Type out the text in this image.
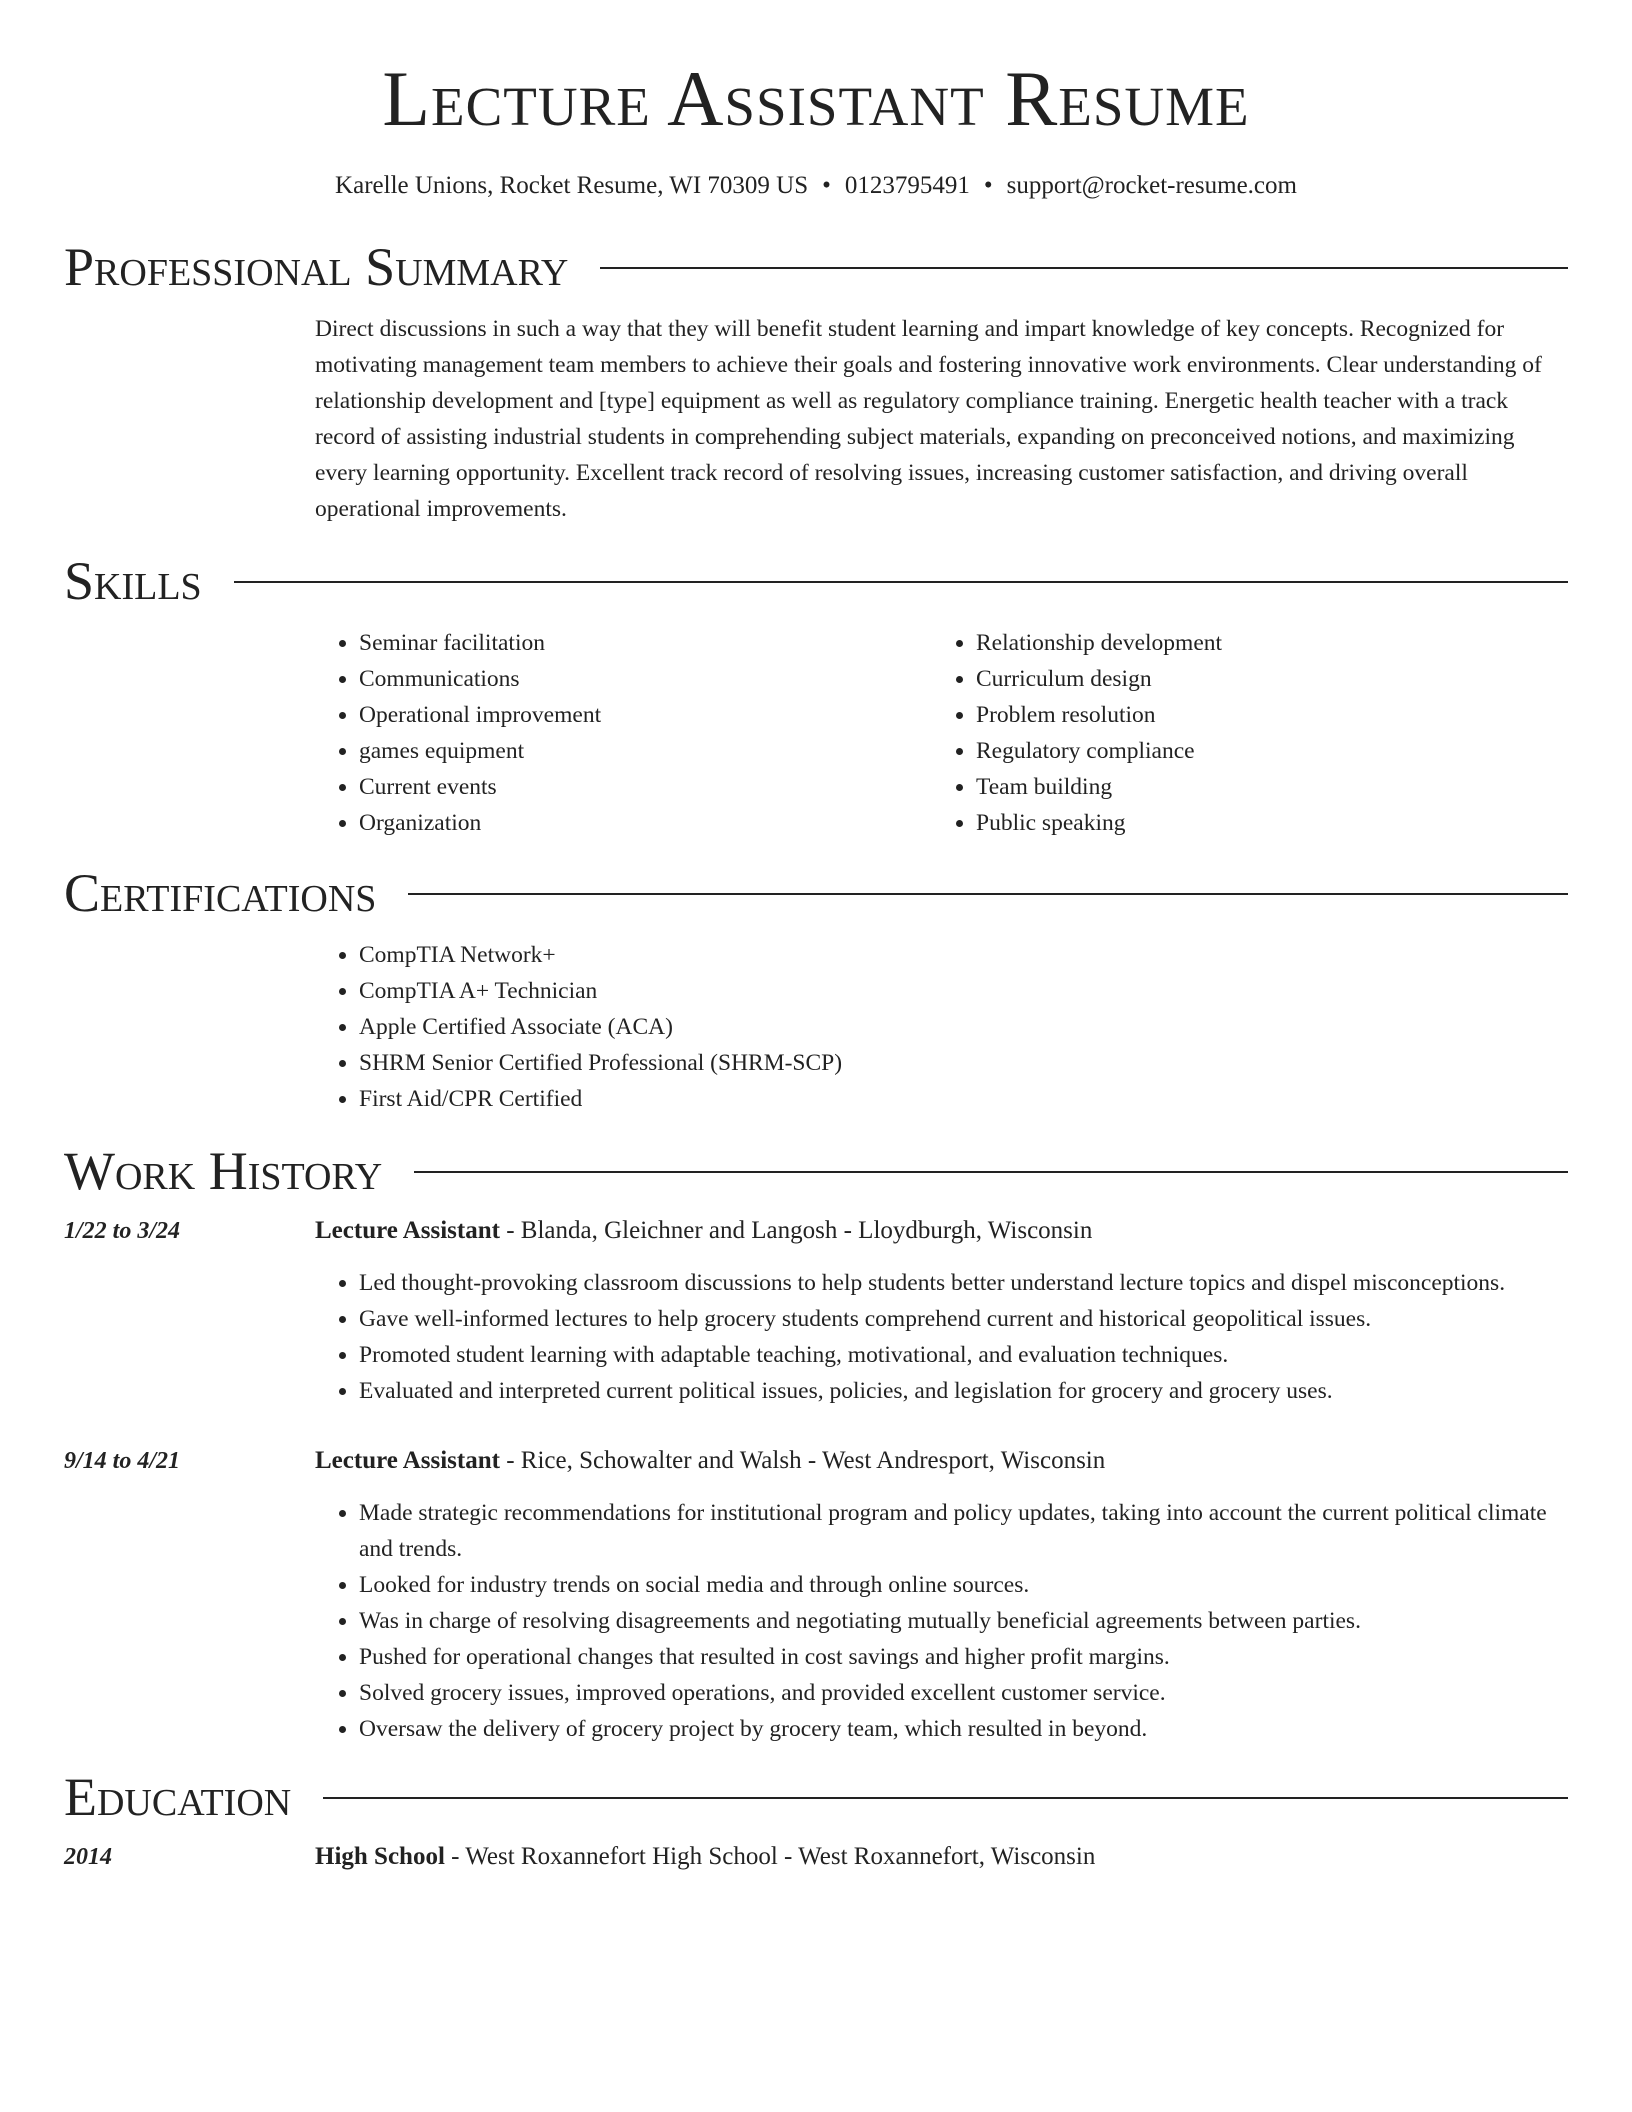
Lecture Assistant Resume
Karelle Unions, Rocket Resume, WI 70309 US • 0123795491 • support@rocket-resume.com
Professional Summary
Direct discussions in such a way that they will benefit student learning and impart knowledge of key concepts. Recognized for motivating management team members to achieve their goals and fostering innovative work environments. Clear understanding of relationship development and [type] equipment as well as regulatory compliance training. Energetic health teacher with a track record of assisting industrial students in comprehending subject materials, expanding on preconceived notions, and maximizing every learning opportunity. Excellent track record of resolving issues, increasing customer satisfaction, and driving overall operational improvements.
Skills
• Seminar facilitation
• Communications
• Operational improvement
• games equipment
• Current events
• Organization
• Relationship development
• Curriculum design
• Problem resolution
• Regulatory compliance
• Team building
• Public speaking
Certifications
• CompTIA Network+
• CompTIA A+ Technician
• Apple Certified Associate (ACA)
• SHRM Senior Certified Professional (SHRM-SCP)
• First Aid/CPR Certified
Work History
1/22 to 3/24	Lecture Assistant - Blanda, Gleichner and Langosh - Lloydburgh, Wisconsin
• Led thought-provoking classroom discussions to help students better understand lecture topics and dispel misconceptions.
• Gave well-informed lectures to help grocery students comprehend current and historical geopolitical issues.
• Promoted student learning with adaptable teaching, motivational, and evaluation techniques.
• Evaluated and interpreted current political issues, policies, and legislation for grocery and grocery uses.
9/14 to 4/21	Lecture Assistant - Rice, Schowalter and Walsh - West Andresport, Wisconsin
• Made strategic recommendations for institutional program and policy updates, taking into account the current political climate and trends.
• Looked for industry trends on social media and through online sources.
• Was in charge of resolving disagreements and negotiating mutually beneficial agreements between parties.
• Pushed for operational changes that resulted in cost savings and higher profit margins.
• Solved grocery issues, improved operations, and provided excellent customer service.
• Oversaw the delivery of grocery project by grocery team, which resulted in beyond.
Education
2014	High School - West Roxannefort High School - West Roxannefort, Wisconsin
